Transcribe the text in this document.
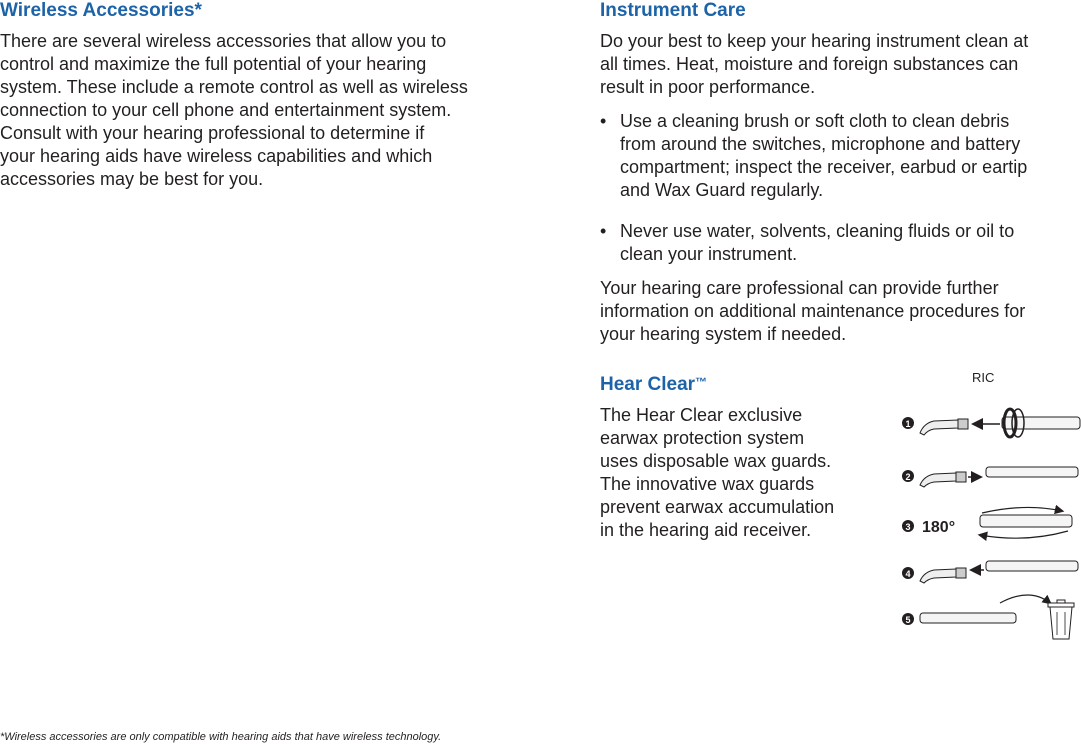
Wireless Accessories*
There are several wireless accessories that allow you to
control and maximize the full potential of your hearing
system. These include a remote control as well as wireless
connection to your cell phone and entertainment system.
Consult with your hearing professional to determine if
your hearing aids have wireless capabilities and which
accessories may be best for you.
Instrument Care
Do your best to keep your hearing instrument clean at
all times. Heat, moisture and foreign substances can
result in poor performance.
• Use a cleaning brush or soft cloth to clean debris
from around the switches, microphone and battery
compartment; inspect the receiver, earbud or eartip
and Wax Guard regularly.
• Never use water, solvents, cleaning fluids or oil to
clean your instrument.
Your hearing care professional can provide further
information on additional maintenance procedures for
your hearing system if needed.
Hear Clear™
The Hear Clear exclusive
earwax protection system
uses disposable wax guards.
The innovative wax guards
prevent earwax accumulation
in the hearing aid receiver.
RIC
1
2
3 180°
4
5
*Wireless accessories are only compatible with hearing aids that have wireless technology.
